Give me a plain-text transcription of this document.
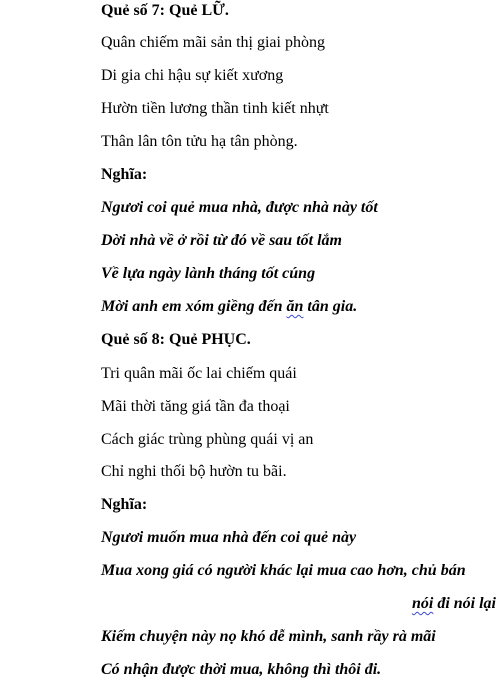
Quẻ số 7: Quẻ LỮ.
Quân chiếm mãi sản thị giai phòng
Di gia chi hậu sự kiết xương
Hườn tiền lương thần tinh kiết nhựt
Thân lân tôn tửu hạ tân phòng.
Nghĩa:
Ngươi coi quẻ mua nhà, được nhà này tốt
Dời nhà về ở rồi từ đó về sau tốt lắm
Về lựa ngày lành tháng tốt cúng
Mời anh em xóm giềng đến ăn tân gia.
Quẻ số 8: Quẻ PHỤC.
Tri quân mãi ốc lai chiếm quái
Mãi thời tăng giá tần đa thoại
Cách giác trùng phùng quái vị an
Chỉ nghi thối bộ hườn tu bãi.
Nghĩa:
Ngươi muốn mua nhà đến coi quẻ này
Mua xong giá có người khác lại mua cao hơn, chủ bán
nói đi nói lại
Kiếm chuyện này nọ khó dễ mình, sanh rầy rà mãi
Có nhận được thời mua, không thì thôi đi.
